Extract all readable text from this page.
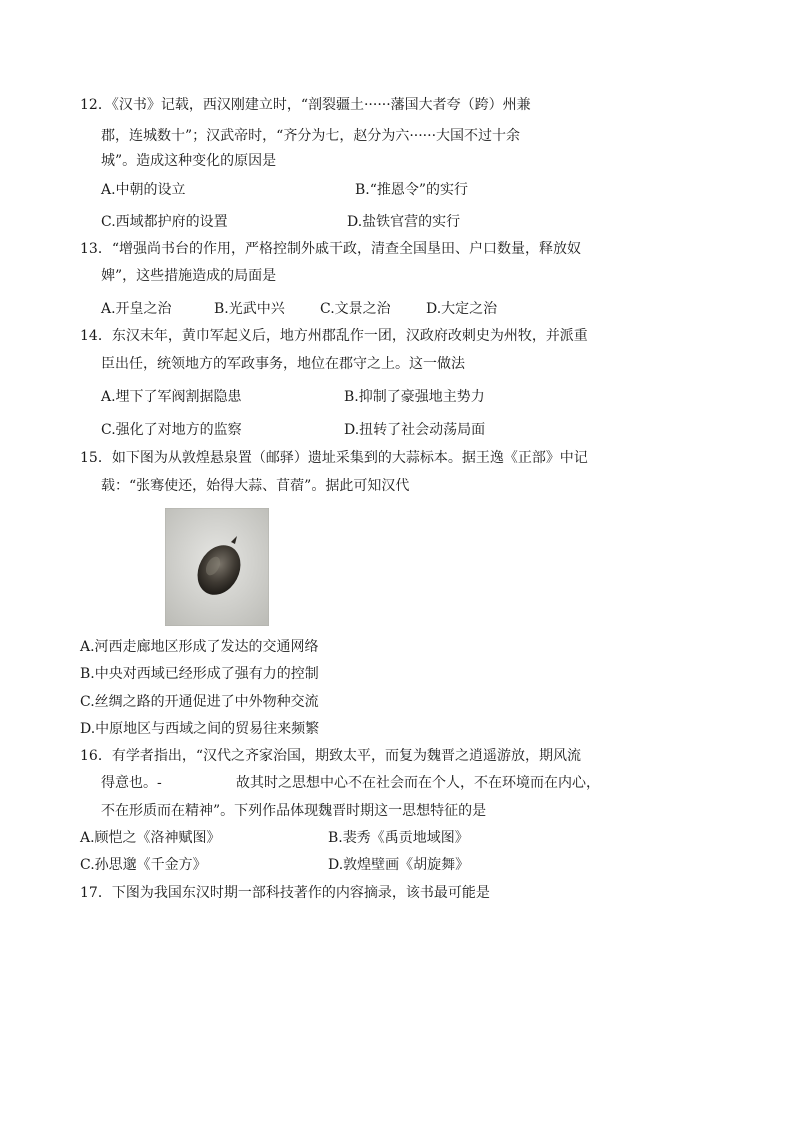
12．《汉书》记载，西汉刚建立时，“剖裂疆土······藩国大者夸（跨）州兼
郡，连城数十”；汉武帝时，“齐分为七，赵分为六······大国不过十余
城”。造成这种变化的原因是
A.中朝的设立	B.“推恩令”的实行
C.西域都护府的设置	D.盐铁官营的实行
13．“增强尚书台的作用，严格控制外戚干政，清查全国垦田、户口数量，释放奴
婢”，这些措施造成的局面是
A.开皇之治	B.光武中兴	C.文景之治	D.大定之治
14．东汉末年，黄巾军起义后，地方州郡乱作一团，汉政府改刺史为州牧，并派重
臣出任，统领地方的军政事务，地位在郡守之上。这一做法
A.埋下了军阀割据隐患	B.抑制了豪强地主势力
C.强化了对地方的监察	D.扭转了社会动荡局面
15．如下图为从敦煌悬泉置（邮驿）遗址采集到的大蒜标本。据王逸《正部》中记
载：“张骞使还，始得大蒜、苜蓿”。据此可知汉代
A.河西走廊地区形成了发达的交通网络
B.中央对西域已经形成了强有力的控制
C.丝绸之路的开通促进了中外物种交流
D.中原地区与西域之间的贸易往来频繁
16．有学者指出，“汉代之齐家治国，期致太平，而复为魏晋之逍遥游放，期风流
得意也。-	故其时之思想中心不在社会而在个人，不在环境而在内心，
不在形质而在精神”。下列作品体现魏晋时期这一思想特征的是
A.顾恺之《洛神赋图》	B.裴秀《禹贡地域图》
C.孙思邈《千金方》	D.敦煌壁画《胡旋舞》
17．下图为我国东汉时期一部科技著作的内容摘录，该书最可能是
